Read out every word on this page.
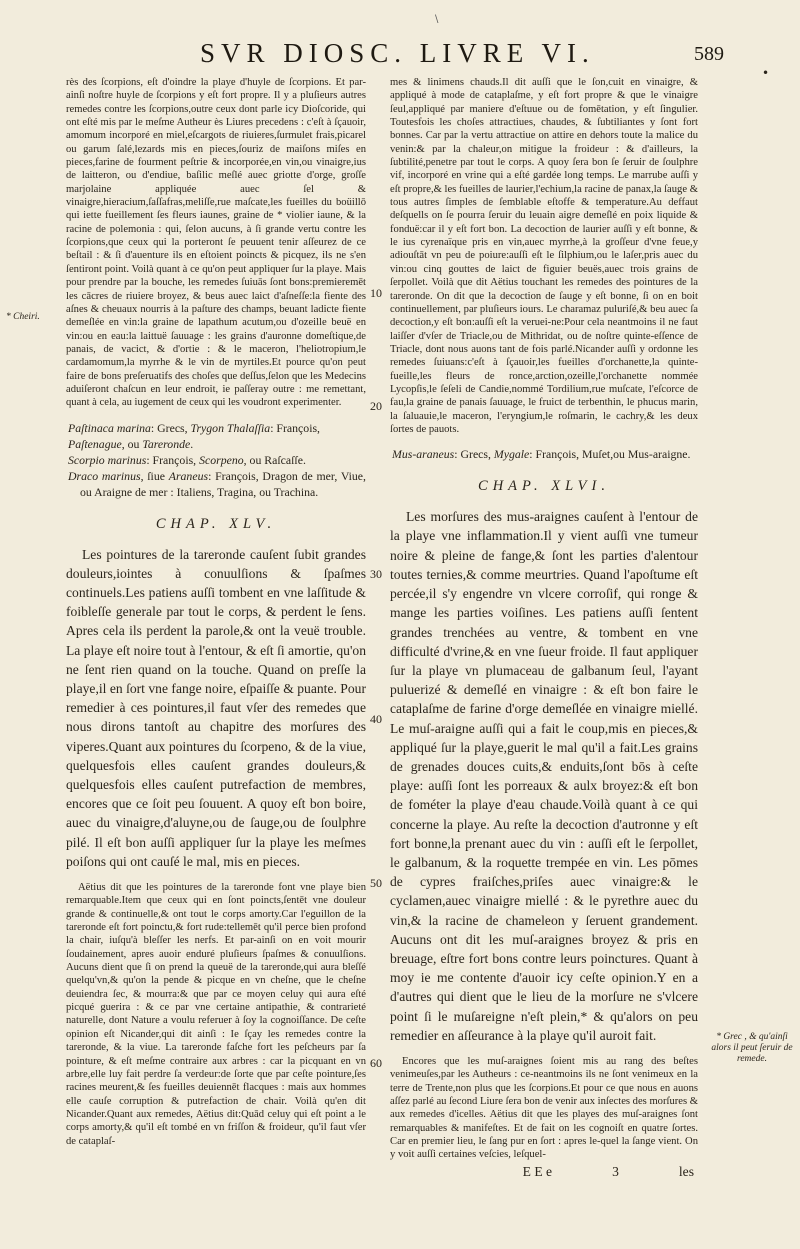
\
SVR DIOSC. LIVRE VI.	589
•
* Cheiri.
* Grec , & qu'ainſi alors il peut ſeruir de remede.
10
20
30
40
50
60

rès des ſcorpions, eſt d'oindre la playe d'huyle de ſcorpions. Et par-ainſi noſtre huyle de ſcorpions y eſt fort propre. Il y a pluſieurs autres remedes contre les ſcorpions,outre ceux dont parle icy Dioſcoride, qui ont eſté mis par le meſme Autheur ès Liures precedens : c'eſt à ſçauoir, amomum incorporé en miel,eſcargots de riuieres,ſurmulet frais,picarel ou garum ſalé,lezards mis en pieces,ſouriz de maiſons miſes en pieces,farine de fourment peſtrie & incorporée,en vin,ou vinaigre,ius de laitteron, ou d'endiue, baſilic meſlé auec griotte d'orge, groſſe marjolaine appliquée auec ſel & vinaigre,hieracium,ſaſſafras,meliſſe,rue maſcate,les fueilles du boüillō qui iette fueillement ſes fleurs iaunes, graine de * violier iaune, & la racine de polemonia : qui, ſelon aucuns, à ſi grande vertu contre les ſcorpions,que ceux qui la porteront ſe peuuent tenir aſſeurez de ce beſtail : & ſi d'auenture ils en eſtoient poincts & picquez, ils ne s'en ſentiront point. Voilà quant à ce qu'on peut appliquer ſur la playe. Mais pour prendre par la bouche, les remedes ſuiuās ſont bons:premieremēt les cācres de riuiere broyez, & beus auec laict d'aſneſſe:la fiente des aſnes & cheuaux nourris à la paſture des champs, beuant ladicte fiente demeſlée en vin:la graine de lapathum acutum,ou d'ozeille beuë en vin:ou en eau:la laittuë ſauuage : les grains d'auronne domeſtique,de panais, de vacict, & d'ortie : & le maceron, l'heliotropium,le cardamomum,la myrrhe & le vin de myrtiles.Et pource qu'on peut faire de bons preſeruatifs des choſes que deſſus,ſelon que les Medecins aduiſeront chaſcun en leur endroit, ie paſſeray outre : me remettant, quant à cela, au iugement de ceux qui les voudront experimenter.

Paſtinaca marina: Grecs, Trygon Thalaſſia: François,

Paſtenague, ou Tareronde.

Scorpio marinus: François, Scorpeno, ou Raſcaſſe.

Draco marinus, ſiue Araneus: François, Dragon de mer, Viue, ou Araigne de mer : Italiens, Tragina, ou Trachina.

CHAP. XLV.

Les pointures de la tareronde cauſent ſubit grandes douleurs,iointes à conuulſions & ſpaſmes continuels.Les patiens auſſi tombent en vne laſſitude & foibleſſe generale par tout le corps, & perdent le ſens. Apres cela ils perdent la parole,& ont la veuë trouble. La playe eſt noire tout à l'entour, & eſt ſi amortie, qu'on ne ſent rien quand on la touche. Quand on preſſe la playe,il en ſort vne fange noire, eſpaiſſe & puante. Pour remedier à ces pointures,il faut vſer des remedes que nous dirons tantoſt au chapitre des morſures des viperes.Quant aux pointures du ſcorpeno, & de la viue, quelquesfois elles cauſent grandes douleurs,& quelquesfois elles cauſent putrefaction de membres, encores que ce ſoit peu ſouuent. A quoy eſt bon boire, auec du vinaigre,d'aluyne,ou de ſauge,ou de ſoulphre pilé. Il eſt bon auſſi appliquer ſur la playe les meſmes poiſons qui ont cauſé le mal, mis en pieces.

Aëtius dit que les pointures de la tareronde font vne playe bien remarquable.Item que ceux qui en ſont poincts,ſentēt vne douleur grande & continuelle,& ont tout le corps amorty.Car l'eguillon de la tareronde eſt fort poinctu,& fort rude:tellemēt qu'il perce bien profond la chair, iuſqu'à bleſſer les nerfs. Et par-ainſi on en voit mourir ſoudainement, apres auoir enduré pluſieurs ſpaſmes & conuulſions. Aucuns dient que ſi on prend la queuë de la tareronde,qui aura bleſſé quelqu'vn,& qu'on la pende & picque en vn cheſne, que le cheſne deuiendra ſec, & mourra:& que par ce moyen celuy qui aura eſté picqué guerira : & ce par vne certaine antipathie, & contrarieté naturelle, dont Nature a voulu referuer à ſoy la cognoiſſance. De ceſte opinion eſt Nicander,qui dit ainſi : Ie ſçay les remedes contre la tareronde, & la viue. La tareronde faſche fort les peſcheurs par ſa pointure, & eſt meſme contraire aux arbres : car la picquant en vn arbre,elle luy fait perdre ſa verdeur:de ſorte que par ceſte pointure,ſes racines meurent,& ſes fueilles deuiennēt flacques : mais aux hommes elle cauſe corruption & putrefaction de chair. Voilà qu'en dit Nicander.Quant aux remedes, Aëtius dit:Quād celuy qui eſt point a le corps amorty,& qu'il eſt tombé en vn friſſon & froideur, qu'il faut vſer de cataplaſ-

mes & linimens chauds.Il dit auſſi que le ſon,cuit en vinaigre, & appliqué à mode de cataplaſme, y eſt fort propre & que le vinaigre ſeul,appliqué par maniere d'eſtuue ou de fomētation, y eſt ſingulier. Toutesfois les choſes attractiues, chaudes, & ſubtiliantes y ſont fort bonnes. Car par la vertu attractiue on attire en dehors toute la malice du venin:& par la chaleur,on mitigue la froideur : & d'ailleurs, la ſubtilité,penetre par tout le corps. A quoy ſera bon ſe ſeruir de ſoulphre vif, incorporé en vrine qui a eſté gardée long temps. Le marrube auſſi y eſt propre,& les fueilles de laurier,l'echium,la racine de panax,la ſauge & tous autres ſimples de ſemblable eſtoffe & temperature.Au deffaut deſquells on ſe pourra ſeruir du leuain aigre demeſlé en poix liquide & fonduë:car il y eſt fort bon. La decoction de laurier auſſi y eſt bonne, & le ius cyrenaïque pris en vin,auec myrrhe,à la groſſeur d'vne feue,y adiouſtāt vn peu de poiure:auſſi eſt le ſilphium,ou le laſer,pris auec du vin:ou cinq gouttes de laict de figuier beuës,auec trois grains de ſerpollet. Voilà que dit Aëtius touchant les remedes des pointures de la tareronde. On dit que la decoction de ſauge y eſt bonne, ſi on en boit continuellement, par pluſieurs iours. Le charamaz puluriſé,& beu auec ſa decoction,y eſt bon:auſſi eſt la veruei-ne:Pour cela neantmoins il ne faut laiſſer d'vſer de Triacle,ou de Mithridat, ou de noſtre quinte-eſſence de Triacle, dont nous auons tant de fois parlé.Nicander auſſi y ordonne les remedes ſuiuans:c'eſt à ſçauoir,les fueilles d'orchanette,la quinte-fueille,les fleurs de ronce,arction,ozeille,l'orchanette nommée Lycopſis,le ſeſeli de Candie,nommé Tordilium,rue muſcate, l'eſcorce de fau,la graine de panais ſauuage, le fruict de terbenthin, le phucus marin, la ſaluauie,le maceron, l'eryngium,le roſmarin, le cachry,& les deux ſortes de pauots.

Mus-araneus: Grecs, Mygale: François, Muſet,ou Mus-araigne.

CHAP. XLVI.

Les morſures des mus-araignes cauſent à l'entour de la playe vne inflammation.Il y vient auſſi vne tumeur noire & pleine de fange,& ſont les parties d'alentour toutes ternies,& comme meurtries. Quand l'apoſtume eſt percée,il s'y engendre vn vlcere corroſif, qui ronge & mange les parties voiſines. Les patiens auſſi ſentent grandes trenchées au ventre, & tombent en vne difficulté d'vrine,& en vne ſueur froide. Il faut appliquer ſur la playe vn plumaceau de galbanum ſeul, l'ayant puluerizé & demeſlé en vinaigre : & eſt bon faire le cataplaſme de farine d'orge demeſlée en vinaigre miellé. Le muſ-araigne auſſi qui a fait le coup,mis en pieces,& appliqué ſur la playe,guerit le mal qu'il a fait.Les grains de grenades douces cuits,& enduits,ſont bōs à ceſte playe: auſſi ſont les porreaux & aulx broyez:& eſt bon de fométer la playe d'eau chaude.Voilà quant à ce qui concerne la playe. Au reſte la decoction d'autronne y eſt fort bonne,la prenant auec du vin : auſſi eſt le ſerpollet, le galbanum, & la roquette trempée en vin. Les pōmes de cypres fraiſches,priſes auec vinaigre:& le cyclamen,auec vinaigre miellé : & le pyrethre auec du vin,& la racine de chameleon y ſeruent grandement. Aucuns ont dit les muſ-araignes broyez & pris en breuage, eſtre fort bons contre leurs poinctures. Quant à moy ie me contente d'auoir icy ceſte opinion.Y en a d'autres qui dient que le lieu de la morſure ne s'vlcere point ſi le muſareigne n'eſt plein,* & qu'alors on peu remedier en aſſeurance à la playe qu'il auroit fait.

Encores que les muſ-araignes ſoient mis au rang des beſtes venimeuſes,par les Autheurs : ce-neantmoins ils ne ſont venimeux en la terre de Trente,non plus que les ſcorpions.Et pour ce que nous en auons aſſez parlé au ſecond Liure ſera bon de venir aux inſectes des morſures & aux remedes d'icelles. Aëtius dit que les playes des muſ-araignes ſont remarquables & manifeſtes. Et de fait on les cognoiſt en quatre ſortes. Car en premier lieu, le ſang pur en ſort : apres le-quel la ſange vient. On y voit auſſi certaines veſcies, leſquel-

E E e	3	les
